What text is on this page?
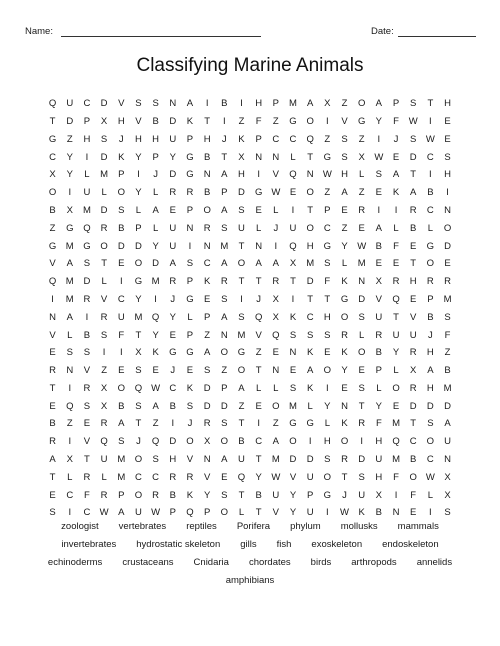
Name:	Date:
Classifying Marine Animals
Q	U	C	D	V	S	S	N	A	I	B	I	H	P	M	A	X	Z	O	A	P	S	T	H
T	D	P	X	H	V	B	D	K	T	I	Z	F	Z	G	O	I	V	G	Y	F	W	I	E
G	Z	H	S	J	H	H	U	P	H	J	K	P	C	C	Q	Z	S	Z	I	J	S	W	E
C	Y	I	D	K	Y	P	Y	G	B	T	X	N	N	L	T	G	S	X	W	E	D	C	S
X	Y	L	M	P	I	J	D	G	N	A	H	I	V	Q	N W H	L	S	A	T	I	H
O	I	U	L	O	Y	L	R	R	B	P	D	G W	E	O	Z	A	Z	E	K	A	B	I
B	X	M	D	S	L	A	E	P	O	A	S	E	L	I	T	P	E	R	I	I	R	C	N
Z	G	Q	R	B	P	L	U	N	R	S	U	L	J	U	O	C	Z	E	A	L	B	L	O
G	M	G	O	D	D	Y	U	I	N	M	T	N	I	Q	H	G	Y	W	B	F	E	G	D
V	A	S	T	E	O	D	A	S	C	A	O	A	A	X	M	S	L	M	E	E	T	O	E
Q	M	D	L	I	G	M	R	P	K	R	T	T	R	T	D	F	K	N	X	R	H	R	R
I	M	R	V	C	Y	I	J	G	E	S	I	J	X	I	T	T	G	D	V	Q	E	P	M
N	A	I	R	U	M	Q	Y	L	P	A	S	Q	X	K	C	H	O	S	U	T	V	B	S
V	L	B	S	F	T	Y	E	P	Z	N	M	V	Q	S	S	S	R	L	R	U	U	J	F
E	S	S	I	I	X	K	G	G	A	O	G	Z	E	N	K	E	K	O	B	Y	R	H	Z
R	N	V	Z	E	S	E	J	E	S	Z	O	T	N	E	A	O	Y	E	P	L	X	A	B
T	I	R	X	O	Q W C	K	D	P	A	L	L	S	K	I	E	S	L	O	R	H	M
E	Q	S	X	B	S	A	B	S	D	D	Z	E	O	M	L	Y	N	T	Y	E	D	D	D
B	Z	E	R	A	T	Z	I	J	R	S	T	I	Z	G	G	L	K	R	F	M	T	S	A
R	I	V	Q	S	J	Q	D	O	X	O	B	C	A	O	I	H	O	I	H	Q	C	O	U
A	X	T	U	M	O	S	H	V	N	A	U	T	M	D	D	S	R	D	U	M	B	C	N
T	L	R	L	M	C	C	R	R	V	E	Q	Y	W	V	U	O	T	S	H	F	O W	X
E	C	F	R	P	O	R	B	K	Y	S	T	B	U	Y	P	G	J	U	X	I	F	L	X
S	I	C W	A	U W	P	Q	P	O	L	T	V	Y	U	I	W	K	B	N	E	I	S
zoologist vertebrates reptiles Porifera phylum mollusks mammals
invertebrates hydrostatic skeleton gills fish exoskeleton endoskeleton
echinoderms crustaceans Cnidaria chordates birds arthropods annelids
amphibians
